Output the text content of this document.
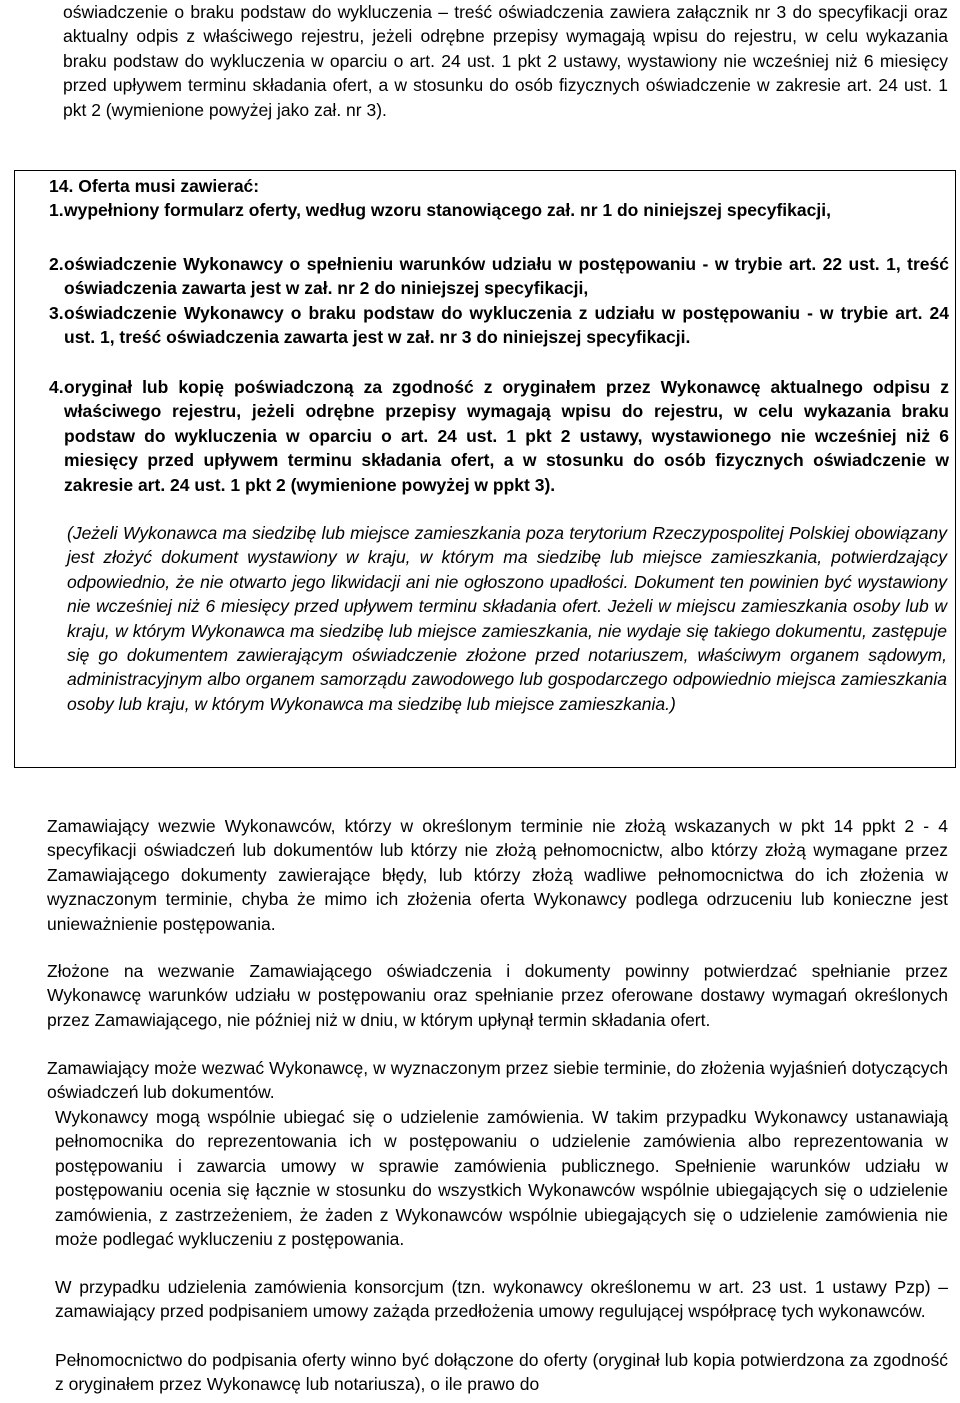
oświadczenie o braku podstaw do wykluczenia – treść oświadczenia zawiera załącznik nr 3 do specyfikacji oraz aktualny odpis z właściwego rejestru, jeżeli odrębne przepisy wymagają wpisu do rejestru, w celu wykazania braku podstaw do wykluczenia w oparciu o art. 24 ust. 1 pkt 2 ustawy, wystawiony nie wcześniej niż 6 miesięcy przed upływem terminu składania ofert, a w stosunku do osób fizycznych oświadczenie w zakresie art. 24 ust. 1 pkt 2 (wymienione powyżej jako zał. nr 3).

14. Oferta musi zawierać:
1. wypełniony formularz oferty, według wzoru stanowiącego zał. nr 1 do niniejszej specyfikacji,
2. oświadczenie Wykonawcy o spełnieniu warunków udziału w postępowaniu - w trybie art. 22 ust. 1, treść oświadczenia zawarta jest w zał. nr 2 do niniejszej specyfikacji,
3. oświadczenie Wykonawcy o braku podstaw do wykluczenia z udziału w postępowaniu - w trybie art. 24 ust. 1, treść oświadczenia zawarta jest w zał. nr 3 do niniejszej specyfikacji.
4. oryginał lub kopię poświadczoną za zgodność z oryginałem przez Wykonawcę aktualnego odpisu z właściwego rejestru, jeżeli odrębne przepisy wymagają wpisu do rejestru, w celu wykazania braku podstaw do wykluczenia w oparciu o art. 24 ust. 1 pkt 2 ustawy, wystawionego nie wcześniej niż 6 miesięcy przed upływem terminu składania ofert, a w stosunku do osób fizycznych oświadczenie w zakresie art. 24 ust. 1 pkt 2 (wymienione powyżej w ppkt 3).

(Jeżeli Wykonawca ma siedzibę lub miejsce zamieszkania poza terytorium Rzeczypospolitej Polskiej obowiązany jest złożyć dokument wystawiony w kraju, w którym ma siedzibę lub miejsce zamieszkania, potwierdzający odpowiednio, że nie otwarto jego likwidacji ani nie ogłoszono upadłości. Dokument ten powinien być wystawiony nie wcześniej niż 6 miesięcy przed upływem terminu składania ofert. Jeżeli w miejscu zamieszkania osoby lub w kraju, w którym Wykonawca ma siedzibę lub miejsce zamieszkania, nie wydaje się takiego dokumentu, zastępuje się go dokumentem zawierającym oświadczenie złożone przed notariuszem, właściwym organem sądowym, administracyjnym albo organem samorządu zawodowego lub gospodarczego odpowiednio miejsca zamieszkania osoby lub kraju, w którym Wykonawca ma siedzibę lub miejsce zamieszkania.)

Zamawiający wezwie Wykonawców, którzy w określonym terminie nie złożą wskazanych w pkt 14 ppkt 2 - 4 specyfikacji oświadczeń lub dokumentów lub którzy nie złożą pełnomocnictw, albo którzy złożą wymagane przez Zamawiającego dokumenty zawierające błędy, lub którzy złożą wadliwe pełnomocnictwa do ich złożenia w wyznaczonym terminie, chyba że mimo ich złożenia oferta Wykonawcy podlega odrzuceniu lub konieczne jest unieważnienie postępowania.

Złożone na wezwanie Zamawiającego oświadczenia i dokumenty powinny potwierdzać spełnianie przez Wykonawcę warunków udziału w postępowaniu oraz spełnianie przez oferowane dostawy wymagań określonych przez Zamawiającego, nie później niż w dniu, w którym upłynął termin składania ofert.

Zamawiający może wezwać Wykonawcę, w wyznaczonym przez siebie terminie, do złożenia wyjaśnień dotyczących oświadczeń lub dokumentów.

Wykonawcy mogą wspólnie ubiegać się o udzielenie zamówienia. W takim przypadku Wykonawcy ustanawiają pełnomocnika do reprezentowania ich w postępowaniu o udzielenie zamówienia albo reprezentowania w postępowaniu i zawarcia umowy w sprawie zamówienia publicznego. Spełnienie warunków udziału w postępowaniu ocenia się łącznie w stosunku do wszystkich Wykonawców wspólnie ubiegających się o udzielenie zamówienia, z zastrzeżeniem, że żaden z Wykonawców wspólnie ubiegających się o udzielenie zamówienia nie może podlegać wykluczeniu z postępowania.

W przypadku udzielenia zamówienia konsorcjum (tzn. wykonawcy określonemu w art. 23 ust. 1 ustawy Pzp) – zamawiający przed podpisaniem umowy zażąda przedłożenia umowy regulującej współpracę tych wykonawców.

Pełnomocnictwo do podpisania oferty winno być dołączone do oferty (oryginał lub kopia potwierdzona za zgodność z oryginałem przez Wykonawcę lub notariusza), o ile prawo do
